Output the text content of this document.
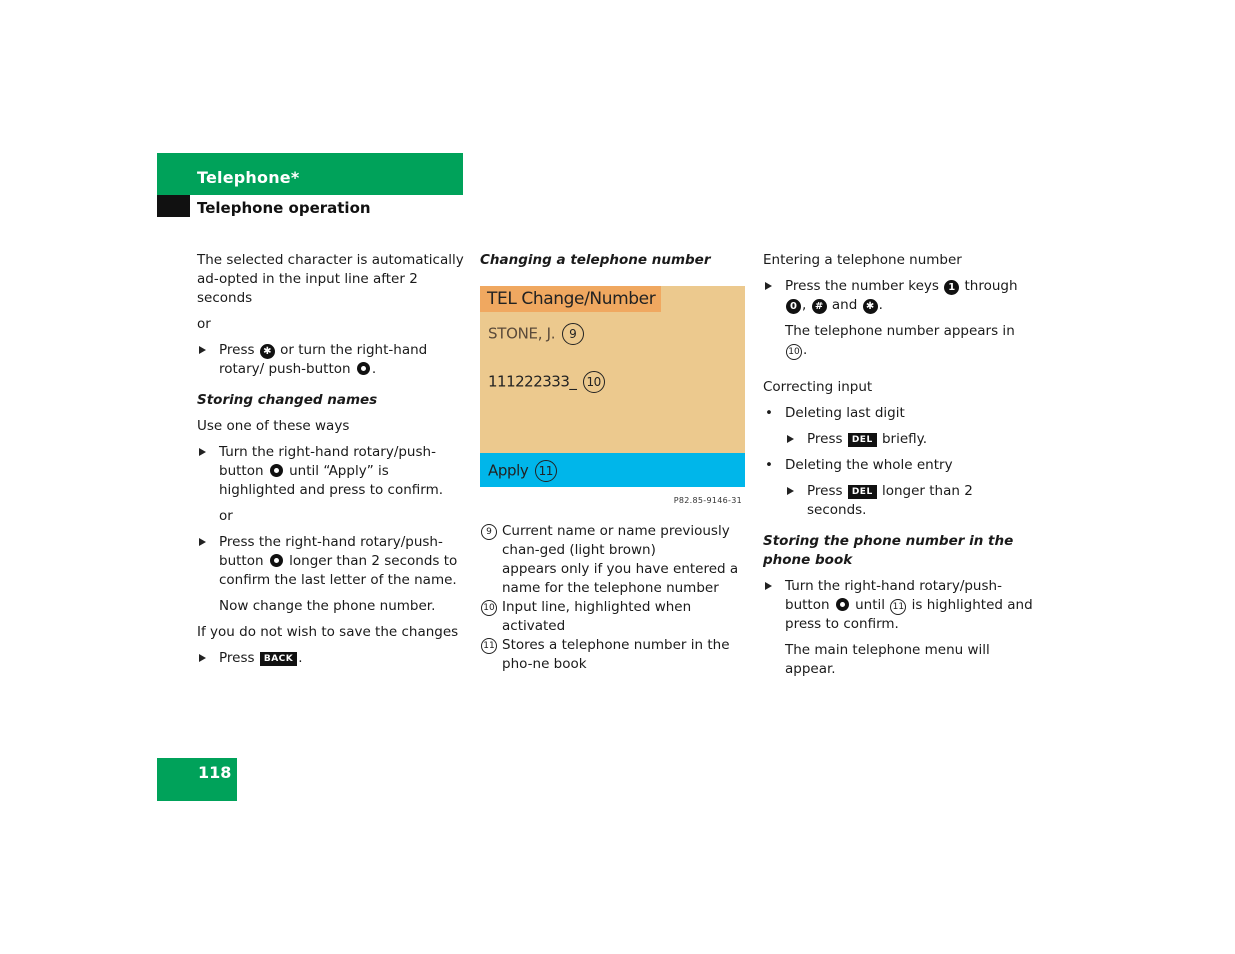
Telephone*
Telephone operation

The selected character is automatically ad-opted in the input line after 2 seconds

or

Press ✱ or turn the right-hand rotary/ push-button .

Storing changed names

Use one of these ways

Turn the right-hand rotary/push-button until “Apply” is highlighted and press to confirm.

or

Press the right-hand rotary/push-button longer than 2 seconds to confirm the last letter of the name.

Now change the phone number.

If you do not wish to save the changes

Press BACK .

Changing a telephone number

TEL Change/Number
STONE, J. 9
111222333_ 10
Apply 11
P82.85-9146-31

9 Current name or name previously chan-ged (light brown)
appears only if you have entered a name for the telephone number

10 Input line, highlighted when activated

11 Stores a telephone number in the pho-ne book

Entering a telephone number

Press the number keys 1 through 0 , # and ✱ .

The telephone number appears in 10 .

Correcting input

• Deleting last digit

Press DEL briefly.

• Deleting the whole entry

Press DEL longer than 2 seconds.

Storing the phone number in the phone book

Turn the right-hand rotary/push-button until 11 is highlighted and press to confirm.

The main telephone menu will appear.

118
